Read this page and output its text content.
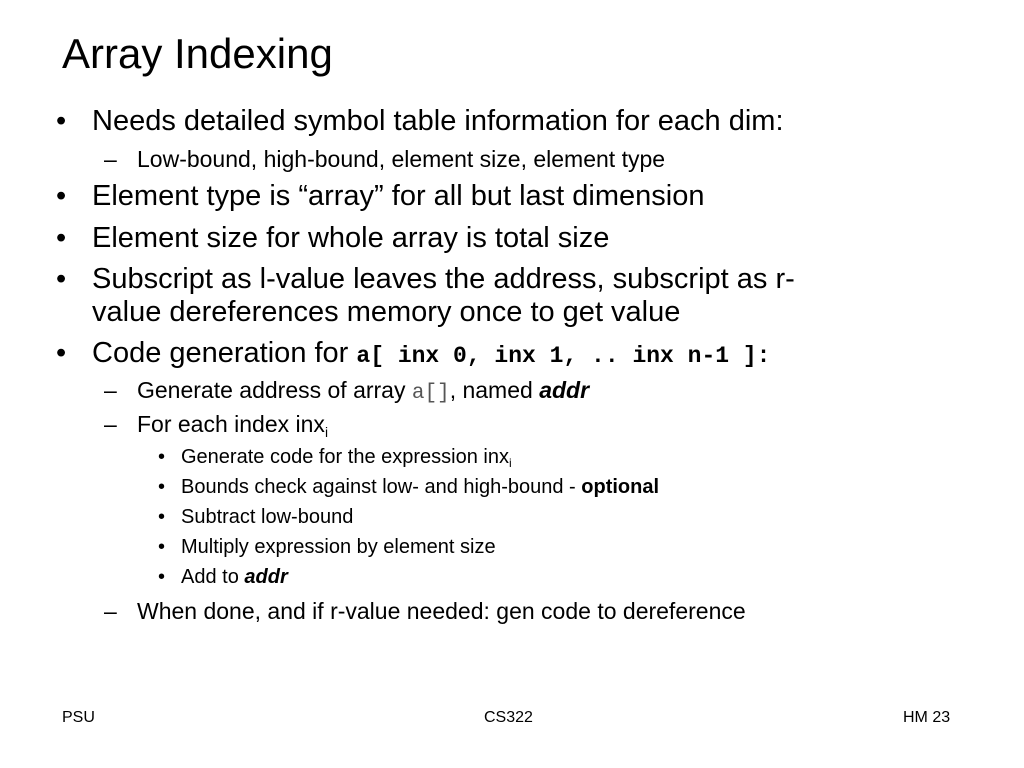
Array Indexing
• Needs detailed symbol table information for each dim:
– Low-bound, high-bound, element size, element type
• Element type is “array” for all but last dimension
• Element size for whole array is total size
• Subscript as l-value leaves the address, subscript as r-
value dereferences memory once to get value
• Code generation for a[ inx 0, inx 1, .. inx n-1 ]:
– Generate address of array a[], named addr
– For each index inx$_i$
• Generate code for the expression inx$_i$
• Bounds check against low- and high-bound - optional
• Subtract low-bound
• Multiply expression by element size
• Add to addr
– When done, and if r-value needed: gen code to dereference
PSU	CS322	HM 23
